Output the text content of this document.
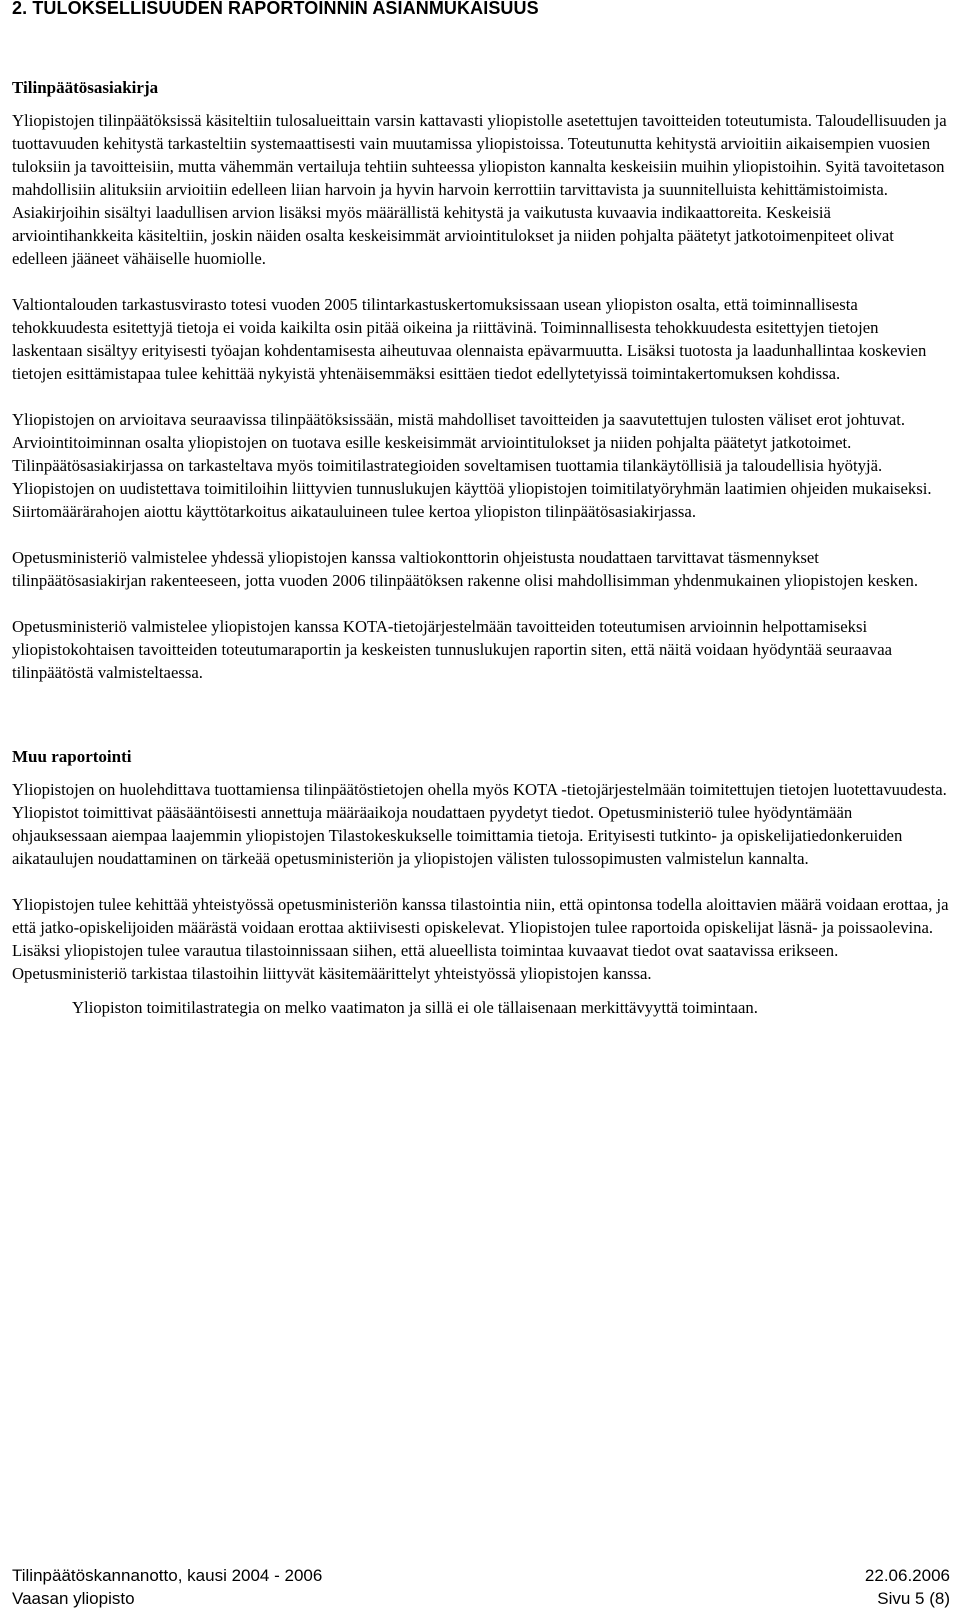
2. TULOKSELLISUUDEN RAPORTOINNIN ASIANMUKAISUUS
Tilinpäätösasiakirja

Yliopistojen tilinpäätöksissä käsiteltiin tulosalueittain varsin kattavasti yliopistolle asetettujen tavoitteiden toteutumista. Taloudellisuuden ja tuottavuuden kehitystä tarkasteltiin systemaattisesti vain muutamissa yliopistoissa. Toteutunutta kehitystä arvioitiin aikaisempien vuosien tuloksiin ja tavoitteisiin, mutta vähemmän vertailuja tehtiin suhteessa yliopiston kannalta keskeisiin muihin yliopistoihin. Syitä tavoitetason mahdollisiin alituksiin arvioitiin edelleen liian harvoin ja hyvin harvoin kerrottiin tarvittavista ja suunnitelluista kehittämistoimista. Asiakirjoihin sisältyi laadullisen arvion lisäksi myös määrällistä kehitystä ja vaikutusta kuvaavia indikaattoreita. Keskeisiä arviointihankkeita käsiteltiin, joskin näiden osalta keskeisimmät arviointitulokset ja niiden pohjalta päätetyt jatkotoimenpiteet olivat edelleen jääneet vähäiselle huomiolle.

Valtiontalouden tarkastusvirasto totesi vuoden 2005 tilintarkastuskertomuksissaan usean yliopiston osalta, että toiminnallisesta tehokkuudesta esitettyjä tietoja ei voida kaikilta osin pitää oikeina ja riittävinä. Toiminnallisesta tehokkuudesta esitettyjen tietojen laskentaan sisältyy erityisesti työajan kohdentamisesta aiheutuvaa olennaista epävarmuutta. Lisäksi tuotosta ja laadunhallintaa koskevien tietojen esittämistapaa tulee kehittää nykyistä yhtenäisemmäksi esittäen tiedot edellytetyissä toimintakertomuksen kohdissa.

Yliopistojen on arvioitava seuraavissa tilinpäätöksissään, mistä mahdolliset tavoitteiden ja saavutettujen tulosten väliset erot johtuvat. Arviointitoiminnan osalta yliopistojen on tuotava esille keskeisimmät arviointitulokset ja niiden pohjalta päätetyt jatkotoimet. Tilinpäätösasiakirjassa on tarkasteltava myös toimitilastrategioiden soveltamisen tuottamia tilankäytöllisiä ja taloudellisia hyötyjä. Yliopistojen on uudistettava toimitiloihin liittyvien tunnuslukujen käyttöä yliopistojen toimitilatyöryhmän laatimien ohjeiden mukaiseksi. Siirtomäärärahojen aiottu käyttötarkoitus aikatauluineen tulee kertoa yliopiston tilinpäätösasiakirjassa.

Opetusministeriö valmistelee yhdessä yliopistojen kanssa valtiokonttorin ohjeistusta noudattaen tarvittavat täsmennykset tilinpäätösasiakirjan rakenteeseen, jotta vuoden 2006 tilinpäätöksen rakenne olisi mahdollisimman yhdenmukainen yliopistojen kesken.

Opetusministeriö valmistelee yliopistojen kanssa KOTA-tietojärjestelmään tavoitteiden toteutumisen arvioinnin helpottamiseksi yliopistokohtaisen tavoitteiden toteutumaraportin ja keskeisten tunnuslukujen raportin siten, että näitä voidaan hyödyntää seuraavaa tilinpäätöstä valmisteltaessa.

Muu raportointi

Yliopistojen on huolehdittava tuottamiensa tilinpäätöstietojen ohella myös KOTA -tietojärjestelmään toimitettujen tietojen luotettavuudesta. Yliopistot toimittivat pääsääntöisesti annettuja määräaikoja noudattaen pyydetyt tiedot. Opetusministeriö tulee hyödyntämään ohjauksessaan aiempaa laajemmin yliopistojen Tilastokeskukselle toimittamia tietoja. Erityisesti tutkinto- ja opiskelijatiedonkeruiden aikataulujen noudattaminen on tärkeää opetusministeriön ja yliopistojen välisten tulossopimusten valmistelun kannalta.

Yliopistojen tulee kehittää yhteistyössä opetusministeriön kanssa tilastointia niin, että opintonsa todella aloittavien määrä voidaan erottaa, ja että jatko-opiskelijoiden määrästä voidaan erottaa aktiivisesti opiskelevat. Yliopistojen tulee raportoida opiskelijat läsnä- ja poissaolevina. Lisäksi yliopistojen tulee varautua tilastoinnissaan siihen, että alueellista toimintaa kuvaavat tiedot ovat saatavissa erikseen. Opetusministeriö tarkistaa tilastoihin liittyvät käsitemäärittelyt yhteistyössä yliopistojen kanssa.

Yliopiston toimitilastrategia on melko vaatimaton ja sillä ei ole tällaisenaan merkittävyyttä toimintaan.

Tilinpäätöskannanotto, kausi 2004 - 2006	22.06.2006
Vaasan yliopisto	Sivu 5 (8)
